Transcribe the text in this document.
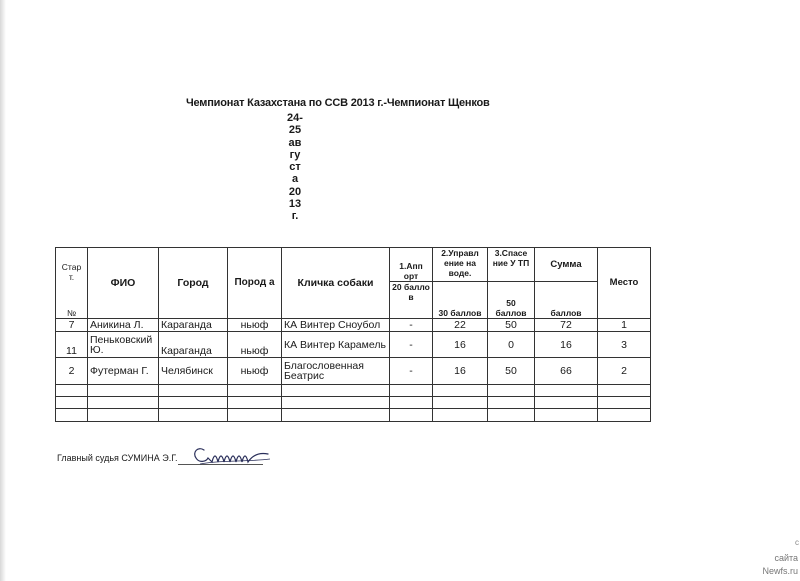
Чемпионат Казахстана по ССВ 2013 г.-Чемпионат Щенков
24-
25
ав
гу
ст
а
20
13
г.
Стар т.
№	ФИО	Город	Пород а	Кличка собаки	1.Апп орт	2.Управл ение на воде.	3.Спасе ние У ТП	Сумма	Место
					20 балло в	30 баллов	50 баллов	баллов	
7	Аникина Л.	Караганда	ньюф	КА Винтер Сноубол	-	22	50	72	1
11	Пеньковский Ю.	Караганда	ньюф	КА Винтер Карамель	-	16	0	16	3
2	Футерман Г.	Челябинск	ньюф	Благословенная Беатрис	-	16	50	66	2

Главный судья СУМИНА Э.Г.
c
сайта
Newfs.ru
